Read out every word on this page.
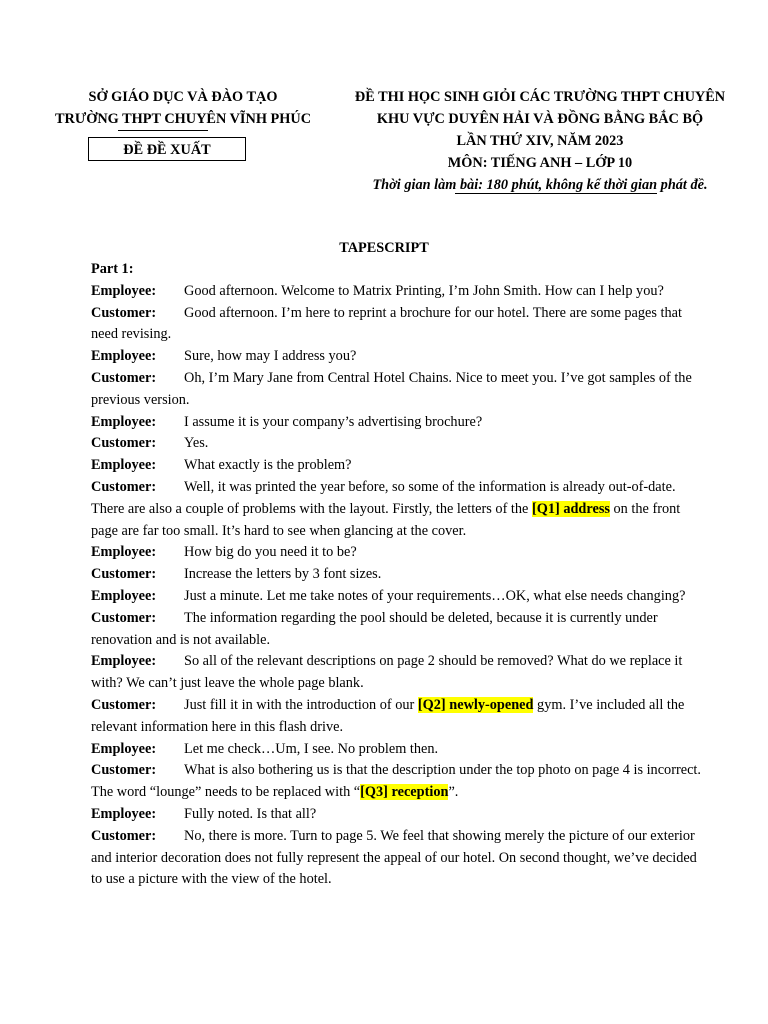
SỞ GIÁO DỤC VÀ ĐÀO TẠO
TRƯỜNG THPT CHUYÊN VĨNH PHÚC
ĐỀ ĐỀ XUẤT
ĐỀ THI HỌC SINH GIỎI CÁC TRƯỜNG THPT CHUYÊN
KHU VỰC DUYÊN HẢI VÀ ĐỒNG BẰNG BẮC BỘ
LẦN THỨ XIV, NĂM 2023
MÔN: TIẾNG ANH – LỚP 10
Thời gian làm bài: 180 phút, không kể thời gian phát đề.
TAPESCRIPT

Part 1:

Employee: Good afternoon. Welcome to Matrix Printing, I’m John Smith. How can I help you?

Customer: Good afternoon. I’m here to reprint a brochure for our hotel. There are some pages that need revising.

Employee: Sure, how may I address you?

Customer: Oh, I’m Mary Jane from Central Hotel Chains. Nice to meet you. I’ve got samples of the previous version.

Employee: I assume it is your company’s advertising brochure?

Customer: Yes.

Employee: What exactly is the problem?

Customer: Well, it was printed the year before, so some of the information is already out-of-date. There are also a couple of problems with the layout. Firstly, the letters of the [Q1] address on the front page are far too small. It’s hard to see when glancing at the cover.

Employee: How big do you need it to be?

Customer: Increase the letters by 3 font sizes.

Employee: Just a minute. Let me take notes of your requirements…OK, what else needs changing?

Customer: The information regarding the pool should be deleted, because it is currently under renovation and is not available.

Employee: So all of the relevant descriptions on page 2 should be removed? What do we replace it with? We can’t just leave the whole page blank.

Customer: Just fill it in with the introduction of our [Q2] newly-opened gym. I’ve included all the relevant information here in this flash drive.

Employee: Let me check…Um, I see. No problem then.

Customer: What is also bothering us is that the description under the top photo on page 4 is incorrect. The word “lounge” needs to be replaced with “[Q3] reception”.

Employee: Fully noted. Is that all?

Customer: No, there is more. Turn to page 5. We feel that showing merely the picture of our exterior and interior decoration does not fully represent the appeal of our hotel. On second thought, we’ve decided to use a picture with the view of the hotel.
